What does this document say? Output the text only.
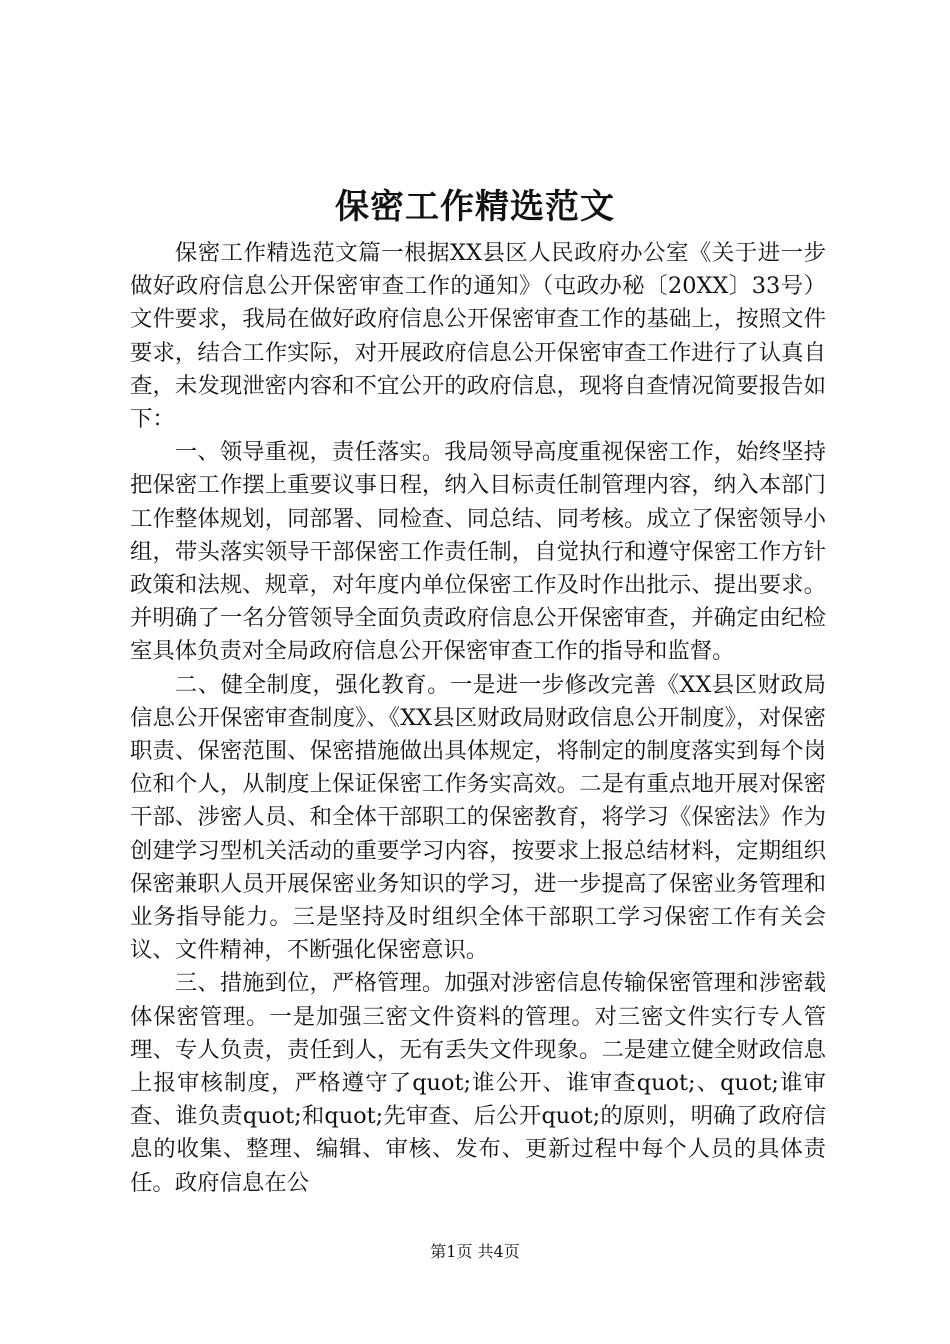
保密工作精选范文

保密工作精选范文篇一根据XX县区人民政府办公室《关于进一步做好政府信息公开保密审查工作的通知》（屯政办秘〔20XX〕33号）文件要求，我局在做好政府信息公开保密审查工作的基础上，按照文件要求，结合工作实际，对开展政府信息公开保密审查工作进行了认真自查，未发现泄密内容和不宜公开的政府信息，现将自查情况简要报告如下：

一、领导重视，责任落实。我局领导高度重视保密工作，始终坚持把保密工作摆上重要议事日程，纳入目标责任制管理内容，纳入本部门工作整体规划，同部署、同检查、同总结、同考核。成立了保密领导小组，带头落实领导干部保密工作责任制，自觉执行和遵守保密工作方针政策和法规、规章，对年度内单位保密工作及时作出批示、提出要求。并明确了一名分管领导全面负责政府信息公开保密审查，并确定由纪检室具体负责对全局政府信息公开保密审查工作的指导和监督。

二、健全制度，强化教育。一是进一步修改完善《XX县区财政局信息公开保密审查制度》、《XX县区财政局财政信息公开制度》，对保密职责、保密范围、保密措施做出具体规定，将制定的制度落实到每个岗位和个人，从制度上保证保密工作务实高效。二是有重点地开展对保密干部、涉密人员、和全体干部职工的保密教育，将学习《保密法》作为创建学习型机关活动的重要学习内容，按要求上报总结材料，定期组织保密兼职人员开展保密业务知识的学习，进一步提高了保密业务管理和业务指导能力。三是坚持及时组织全体干部职工学习保密工作有关会议、文件精神，不断强化保密意识。

三、措施到位，严格管理。加强对涉密信息传输保密管理和涉密载体保密管理。一是加强三密文件资料的管理。对三密文件实行专人管理、专人负责，责任到人，无有丢失文件现象。二是建立健全财政信息上报审核制度，严格遵守了quot;谁公开、谁审查quot;、quot;谁审查、谁负责quot;和quot;先审查、后公开quot;的原则，明确了政府信息的收集、整理、编辑、审核、发布、更新过程中每个人员的具体责任。政府信息在公

第1页 共4页
